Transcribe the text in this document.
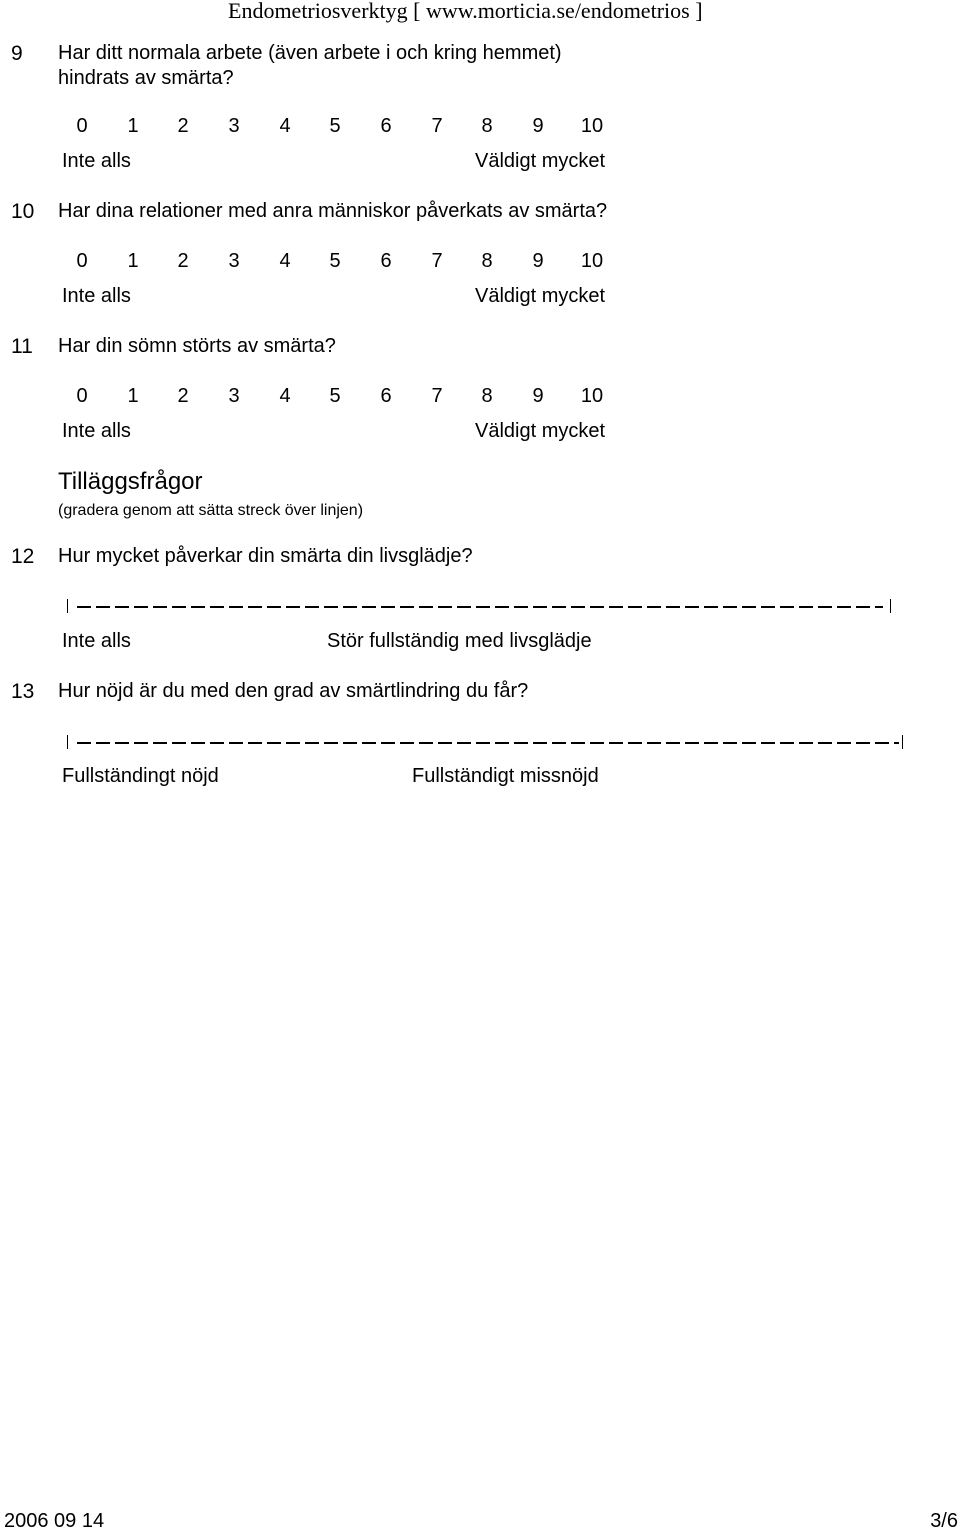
Endometriosverktyg [ www.morticia.se/endometrios ]
9 Har ditt normala arbete (även arbete i och kring hemmet)
hindrats av smärta?
0 1 2 3 4 5 6 7 8 9 10
Inte alls	Väldigt mycket
10 Har dina relationer med anra människor påverkats av smärta?
0 1 2 3 4 5 6 7 8 9 10
Inte alls	Väldigt mycket
11 Har din sömn störts av smärta?
0 1 2 3 4 5 6 7 8 9 10
Inte alls	Väldigt mycket
Tilläggsfrågor
(gradera genom att sätta streck över linjen)
12 Hur mycket påverkar din smärta din livsglädje?
Inte alls	Stör fullständig med livsglädje
13 Hur nöjd är du med den grad av smärtlindring du får?
Fullständingt nöjd	Fullständigt missnöjd
2006 09 14	3/6
